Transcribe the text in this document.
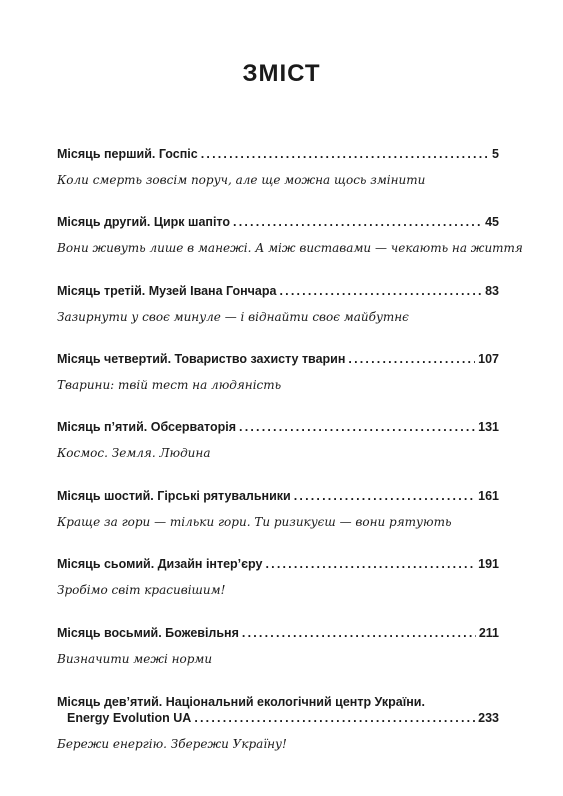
ЗМІСТ
Місяць перший. Госпіс .....	5
Коли смерть зовсім поруч, але ще можна щось змінити
Місяць другий. Цирк шапіто .....	45
Вони живуть лише в манежі. А між виставами — чекають на життя
Місяць третій. Музей Івана Гончара .....	83
Зазирнути у своє минуле — і віднайти своє майбутнє
Місяць четвертий. Товариство захисту тварин .....	107
Тварини: твій тест на людяність
Місяць п’ятий. Обсерваторія .....	131
Космос. Земля. Людина
Місяць шостий. Гірські рятувальники .....	161
Краще за гори — тільки гори. Ти ризикуєш — вони рятують
Місяць сьомий. Дизайн інтер’єру .....	191
Зробімо світ красивішим!
Місяць восьмий. Божевільня .....	211
Визначити межі норми
Місяць дев’ятий. Національний екологічний центр України.
Energy Evolution UA .....	233
Бережи енергію. Збережи Україну!
